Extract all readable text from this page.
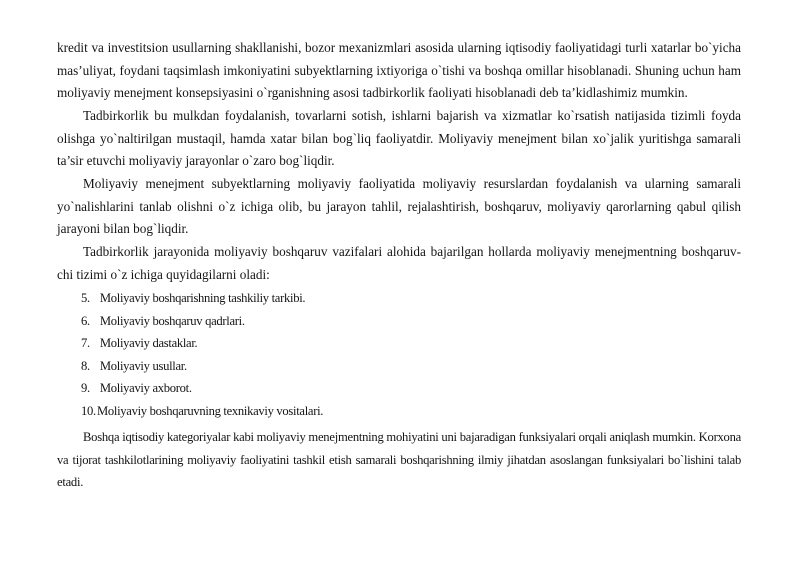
kredit va investitsion usullarning shakllanishi, bozor mexanizmlari asosida ularning iqtisodiy faoliyatidagi turli xatarlar bo`yicha mas’uliyat, foydani taqsimlash imkoniyatini subyektlarning ixtiyoriga o`tishi va boshqa omillar hisoblanadi. Shuning uchun ham moliyaviy menejment konsepsiyasini o`rganishning asosi tadbirkorlik faoliyati hisoblanadi deb ta’kidlashimiz mumkin.

Tadbirkorlik bu mulkdan foydalanish, tovarlarni sotish, ishlarni bajarish va xizmatlar ko`rsatish natijasida tizimli foyda olishga yo`naltirilgan mustaqil, hamda xatar bilan bog`liq faoliyatdir. Moliyaviy menejment bilan xo`jalik yuritishga samarali ta’sir etuvchi moliyaviy jarayonlar o`zaro bog`liqdir.

Moliyaviy menejment subyektlarning moliyaviy faoliyatida moliyaviy resurslardan foydalanish va ularning samarali yo`nalishlarini tanlab olishni o`z ichiga olib, bu jarayon tahlil, rejalashtirish, boshqaruv, moliyaviy qarorlarning qabul qilish jarayoni bilan bog`liqdir.

Tadbirkorlik jarayonida moliyaviy boshqaruv vazifalari alohida bajarilgan hollarda moliyaviy menejmentning boshqaruv-chi tizimi o`z ichiga quyidagilarni oladi:

5. Moliyaviy boshqarishning tashkiliy tarkibi.
6. Moliyaviy boshqaruv qadrlari.
7. Moliyaviy dastaklar.
8. Moliyaviy usullar.
9. Moliyaviy axborot.
10.Moliyaviy boshqaruvning texnikaviy vositalari.

Boshqa iqtisodiy kategoriyalar kabi moliyaviy menejmentning mohiyatini uni bajaradigan funksiyalari orqali aniqlash mumkin. Korxona va tijorat tashkilotlarining moliyaviy faoliyatini tashkil etish samarali boshqarishning ilmiy jihatdan asoslangan funksiyalari bo`lishini talab etadi.
